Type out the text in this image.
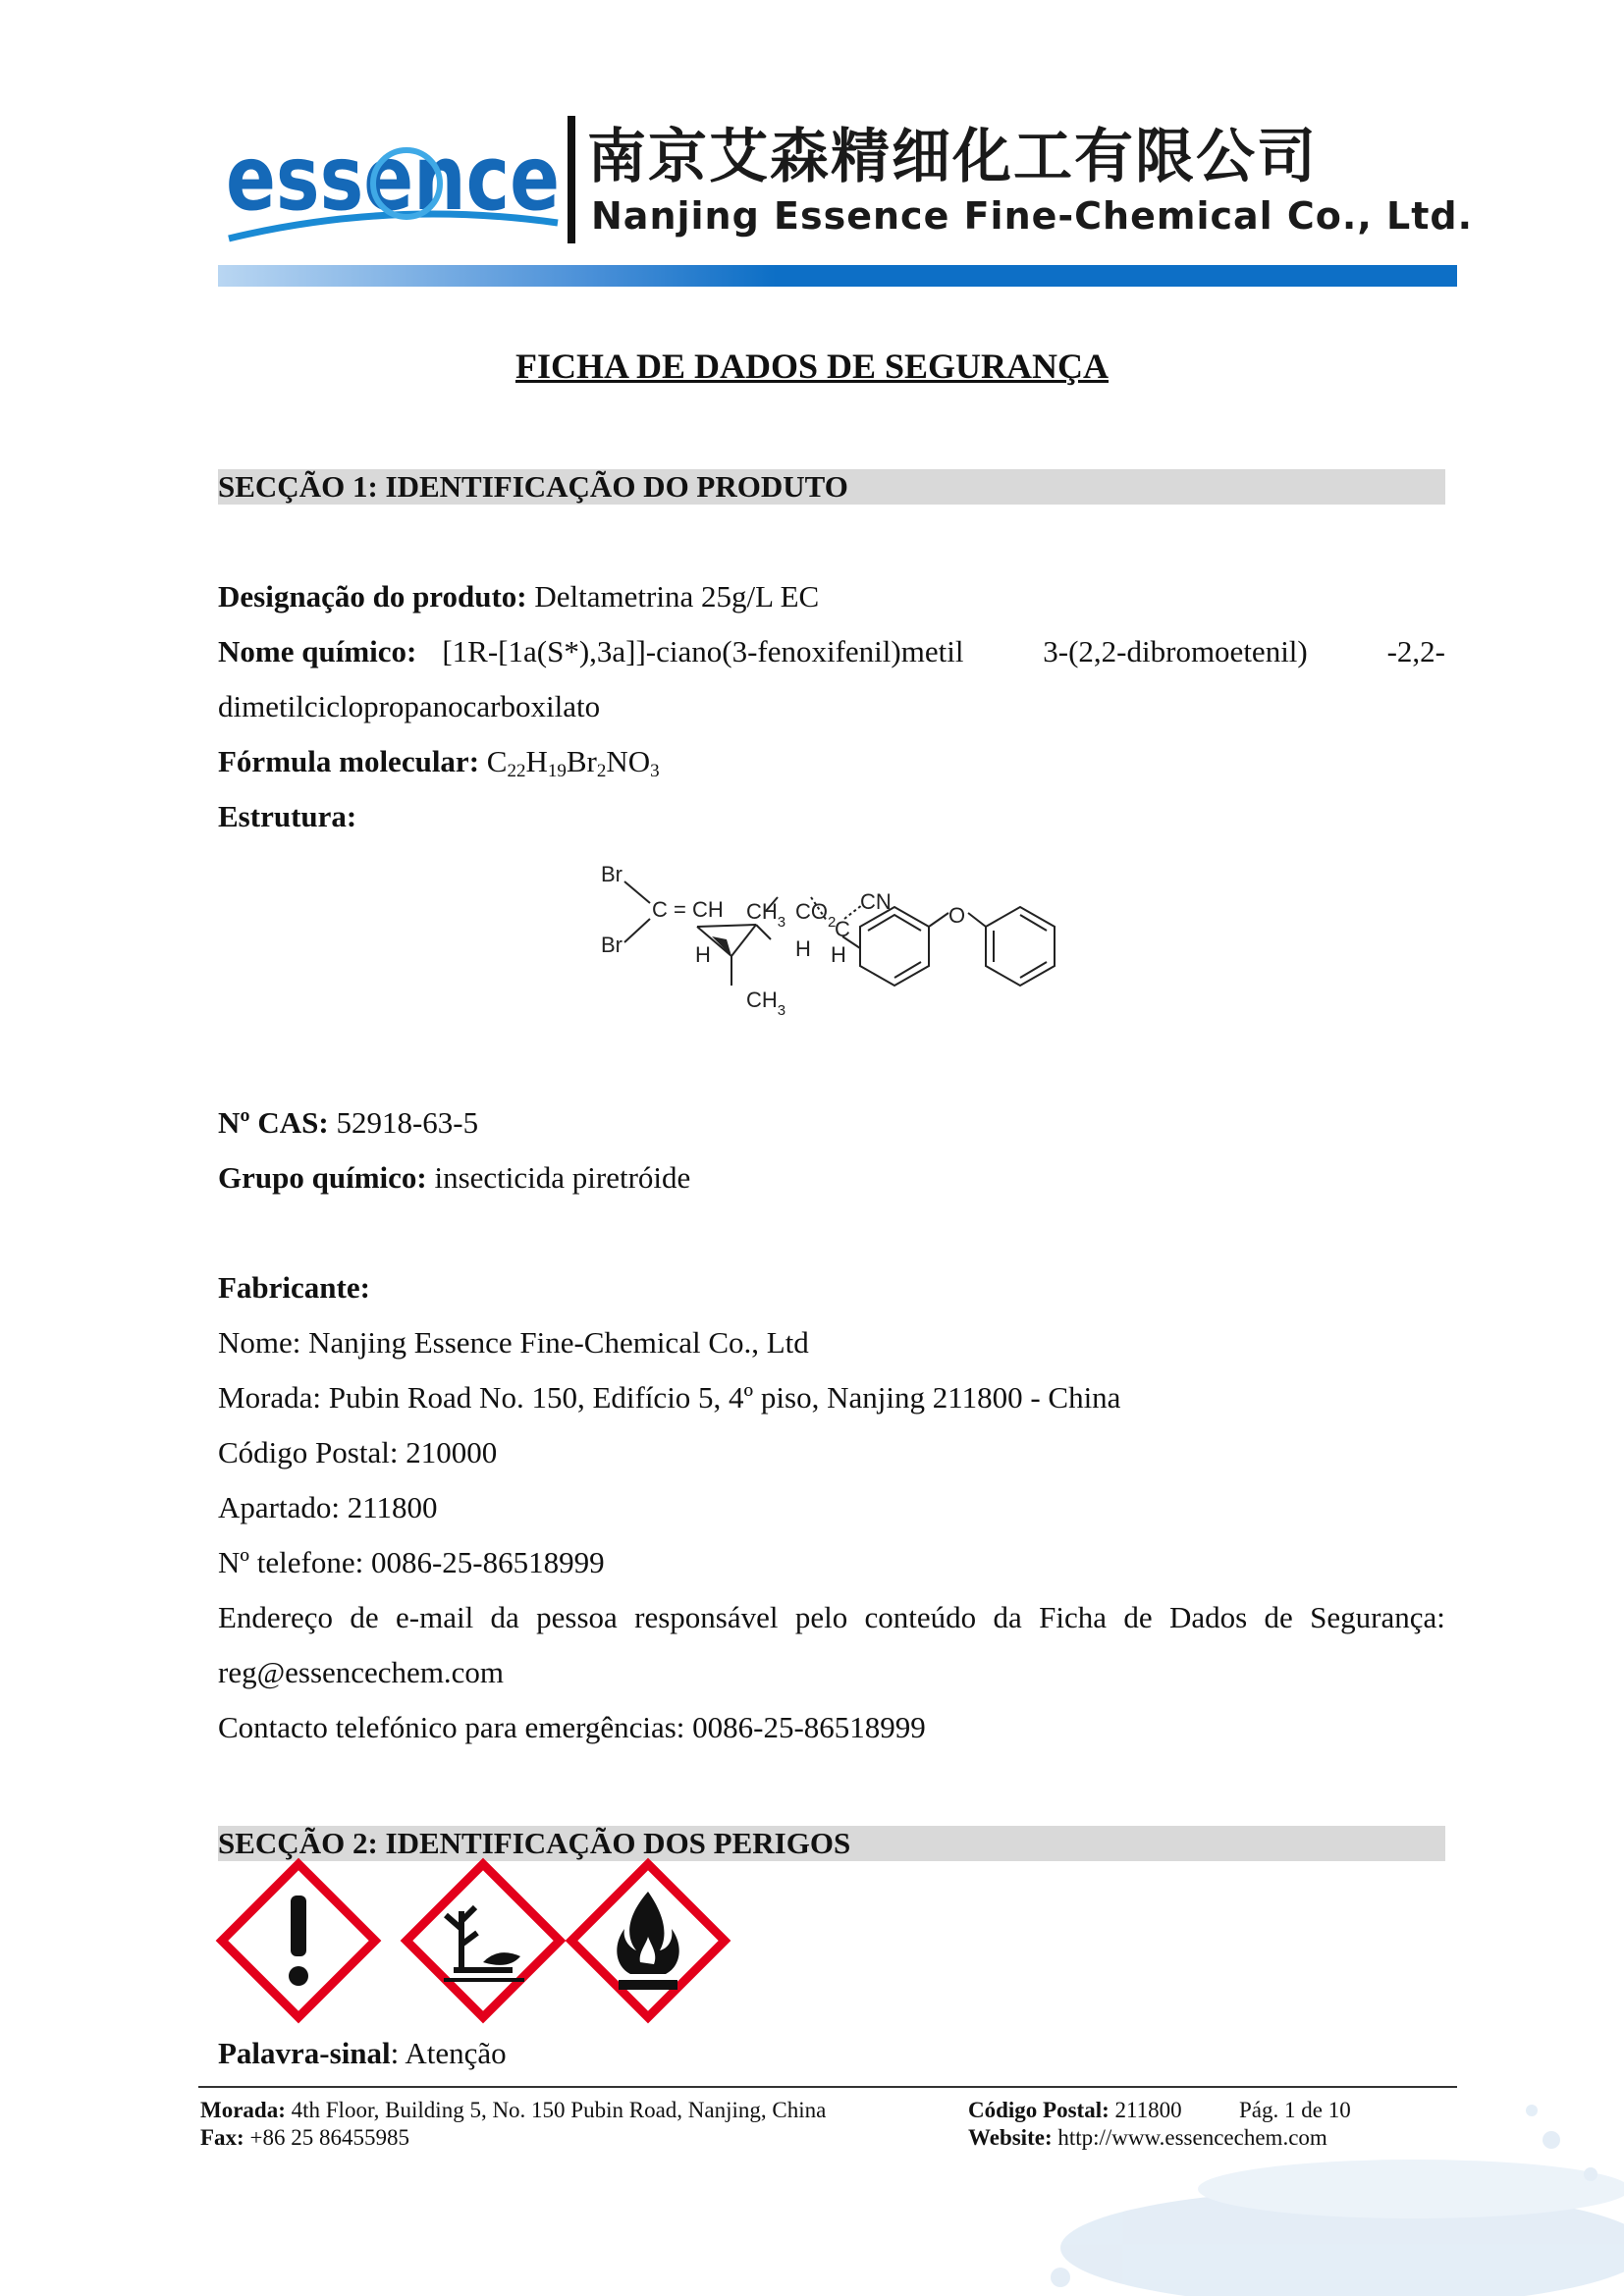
essence 南京艾森精细化工有限公司
Nanjing Essence Fine-Chemical Co., Ltd.
FICHA DE DADOS DE SEGURANÇA
SECÇÃO 1: IDENTIFICAÇÃO DO PRODUTO
Designação do produto: Deltametrina 25g/L EC
Nome químico: [1R-[1a(S*),3a]]-ciano(3-fenoxifenil)metil 3-(2,2-dibromoetenil) -2,2-
dimetilciclopropanocarboxilato
Fórmula molecular: $C_{22}H_{19}Br_2NO_3$
Estrutura:
Br
Br
C = CH $CH_3$ $CO_2$
CN
O
C
H	H H
$CH_3$
Nº CAS: 52918-63-5
Grupo químico: insecticida piretróide
Fabricante:
Nome: Nanjing Essence Fine-Chemical Co., Ltd
Morada: Pubin Road No. 150, Edifício 5, 4º piso, Nanjing 211800 - China
Código Postal: 210000
Apartado: 211800
Nº telefone: 0086-25-86518999
Endereço de e-mail da pessoa responsável pelo conteúdo da Ficha de Dados de Segurança:
reg@essencechem.com
Contacto telefónico para emergências: 0086-25-86518999
SECÇÃO 2: IDENTIFICAÇÃO DOS PERIGOS
Palavra-sinal: Atenção
Morada: 4th Floor, Building 5, No. 150 Pubin Road, Nanjing, China
Fax: +86 25 86455985
Código Postal: 211800	Pág. 1 de 10
Website: http://www.essencechem.com
